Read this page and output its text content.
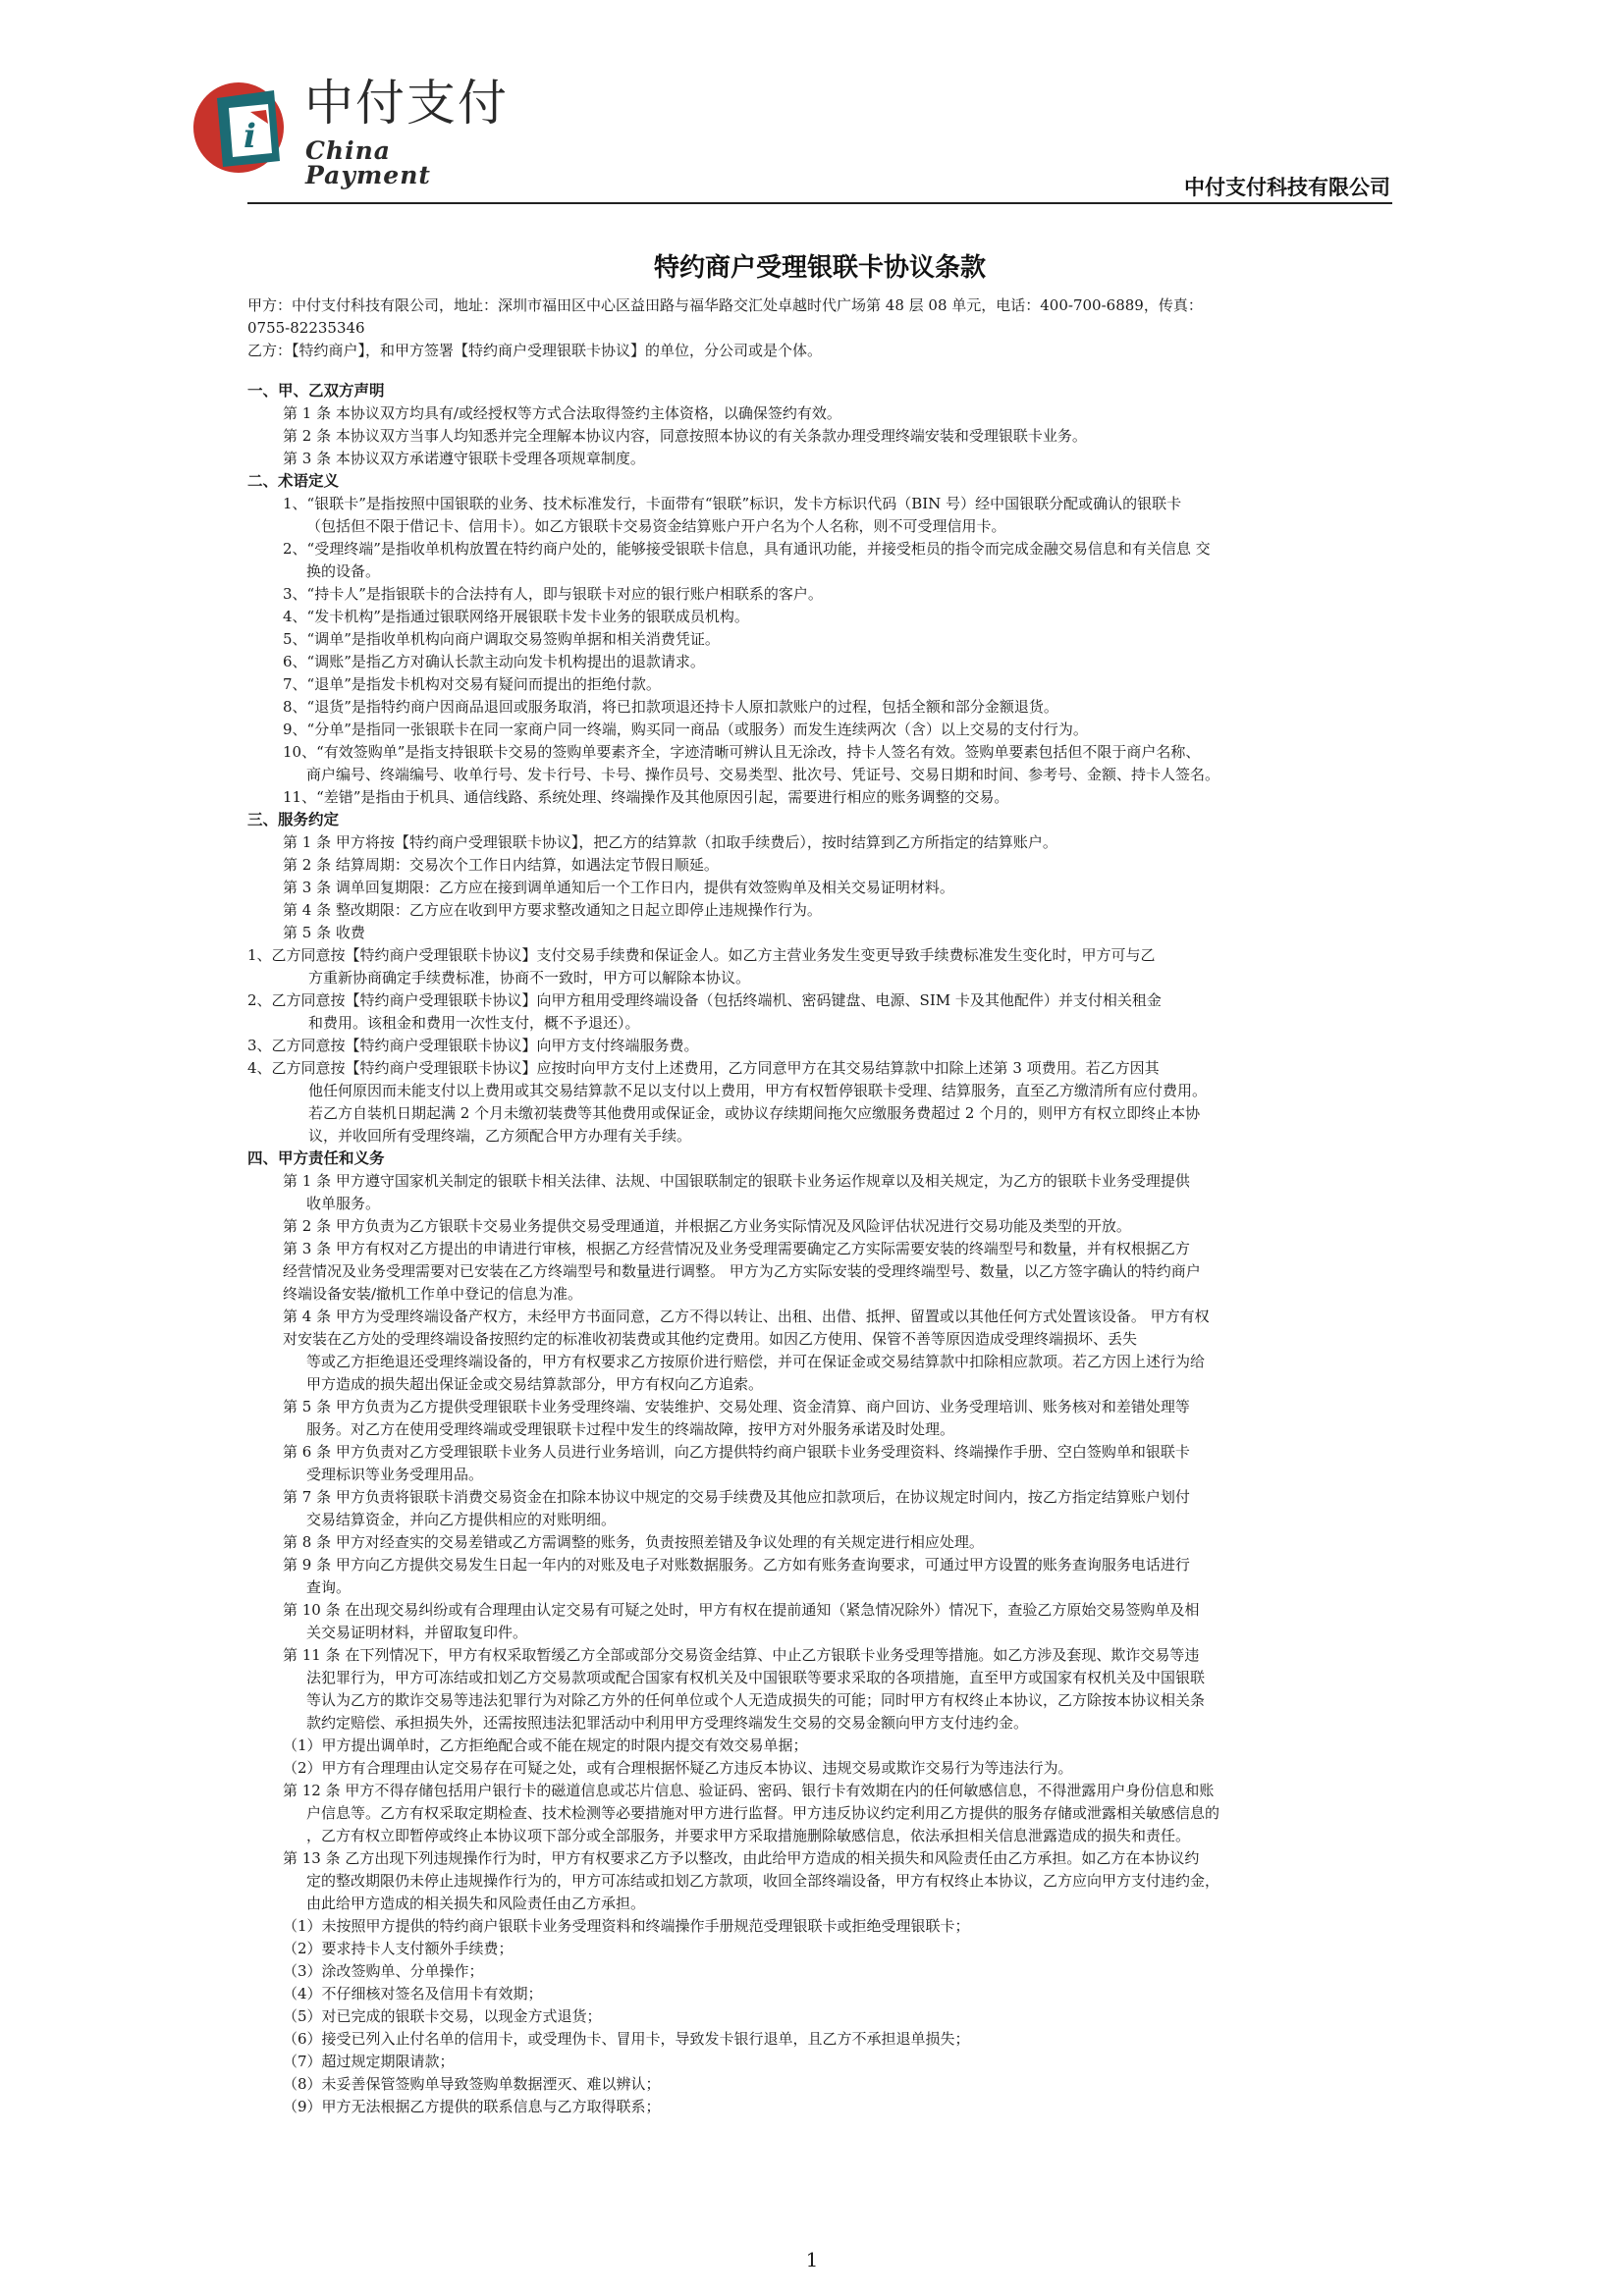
i
中付支付
China Payment	中付支付科技有限公司
特约商户受理银联卡协议条款
甲方：中付支付科技有限公司，地址：深圳市福田区中心区益田路与福华路交汇处卓越时代广场第 48 层 08 单元，电话：400-700-6889，传真：
0755-82235346
乙方：【特约商户】，和甲方签署【特约商户受理银联卡协议】的单位，分公司或是个体。
一、甲、乙双方声明
第 1 条 本协议双方均具有/或经授权等方式合法取得签约主体资格，以确保签约有效。
第 2 条 本协议双方当事人均知悉并完全理解本协议内容，同意按照本协议的有关条款办理受理终端安装和受理银联卡业务。
第 3 条 本协议双方承诺遵守银联卡受理各项规章制度。
二、术语定义
1、“银联卡”是指按照中国银联的业务、技术标准发行，卡面带有“银联”标识，发卡方标识代码（BIN 号）经中国银联分配或确认的银联卡
（包括但不限于借记卡、信用卡）。如乙方银联卡交易资金结算账户开户名为个人名称，则不可受理信用卡。
2、“受理终端”是指收单机构放置在特约商户处的，能够接受银联卡信息，具有通讯功能，并接受柜员的指令而完成金融交易信息和有关信息 交
换的设备。
3、“持卡人”是指银联卡的合法持有人，即与银联卡对应的银行账户相联系的客户。
4、“发卡机构”是指通过银联网络开展银联卡发卡业务的银联成员机构。
5、“调单”是指收单机构向商户调取交易签购单据和相关消费凭证。
6、“调账”是指乙方对确认长款主动向发卡机构提出的退款请求。
7、“退单”是指发卡机构对交易有疑问而提出的拒绝付款。
8、“退货”是指特约商户因商品退回或服务取消，将已扣款项退还持卡人原扣款账户的过程，包括全额和部分金额退货。
9、“分单”是指同一张银联卡在同一家商户同一终端，购买同一商品（或服务）而发生连续两次（含）以上交易的支付行为。
10、“有效签购单”是指支持银联卡交易的签购单要素齐全，字迹清晰可辨认且无涂改，持卡人签名有效。签购单要素包括但不限于商户名称、
商户编号、终端编号、收单行号、发卡行号、卡号、操作员号、交易类型、批次号、凭证号、交易日期和时间、参考号、金额、持卡人签名。
11、“差错”是指由于机具、通信线路、系统处理、终端操作及其他原因引起，需要进行相应的账务调整的交易。
三、服务约定
第 1 条 甲方将按【特约商户受理银联卡协议】，把乙方的结算款（扣取手续费后），按时结算到乙方所指定的结算账户。
第 2 条 结算周期：交易次个工作日内结算，如遇法定节假日顺延。
第 3 条 调单回复期限：乙方应在接到调单通知后一个工作日内，提供有效签购单及相关交易证明材料。
第 4 条 整改期限：乙方应在收到甲方要求整改通知之日起立即停止违规操作行为。
第 5 条 收费
1、乙方同意按【特约商户受理银联卡协议】支付交易手续费和保证金人。如乙方主营业务发生变更导致手续费标准发生变化时，甲方可与乙
方重新协商确定手续费标准，协商不一致时，甲方可以解除本协议。
2、乙方同意按【特约商户受理银联卡协议】向甲方租用受理终端设备（包括终端机、密码键盘、电源、SIM 卡及其他配件）并支付相关租金
和费用。该租金和费用一次性支付，概不予退还）。
3、乙方同意按【特约商户受理银联卡协议】向甲方支付终端服务费。
4、乙方同意按【特约商户受理银联卡协议】应按时向甲方支付上述费用，乙方同意甲方在其交易结算款中扣除上述第 3 项费用。若乙方因其
他任何原因而未能支付以上费用或其交易结算款不足以支付以上费用，甲方有权暂停银联卡受理、结算服务，直至乙方缴清所有应付费用。
若乙方自装机日期起满 2 个月未缴初装费等其他费用或保证金，或协议存续期间拖欠应缴服务费超过 2 个月的，则甲方有权立即终止本协
议，并收回所有受理终端，乙方须配合甲方办理有关手续。
四、甲方责任和义务
第 1 条 甲方遵守国家机关制定的银联卡相关法律、法规、中国银联制定的银联卡业务运作规章以及相关规定，为乙方的银联卡业务受理提供
收单服务。
第 2 条 甲方负责为乙方银联卡交易业务提供交易受理通道，并根据乙方业务实际情况及风险评估状况进行交易功能及类型的开放。
第 3 条 甲方有权对乙方提出的申请进行审核，根据乙方经营情况及业务受理需要确定乙方实际需要安装的终端型号和数量，并有权根据乙方
经营情况及业务受理需要对已安装在乙方终端型号和数量进行调整。 甲方为乙方实际安装的受理终端型号、数量，以乙方签字确认的特约商户
终端设备安装/撤机工作单中登记的信息为准。
第 4 条 甲方为受理终端设备产权方，未经甲方书面同意，乙方不得以转让、出租、出借、抵押、留置或以其他任何方式处置该设备。 甲方有权
对安装在乙方处的受理终端设备按照约定的标准收初装费或其他约定费用。如因乙方使用、保管不善等原因造成受理终端损坏、丢失
等或乙方拒绝退还受理终端设备的，甲方有权要求乙方按原价进行赔偿，并可在保证金或交易结算款中扣除相应款项。若乙方因上述行为给
甲方造成的损失超出保证金或交易结算款部分，甲方有权向乙方追索。
第 5 条 甲方负责为乙方提供受理银联卡业务受理终端、安装维护、交易处理、资金清算、商户回访、业务受理培训、账务核对和差错处理等
服务。对乙方在使用受理终端或受理银联卡过程中发生的终端故障，按甲方对外服务承诺及时处理。
第 6 条 甲方负责对乙方受理银联卡业务人员进行业务培训，向乙方提供特约商户银联卡业务受理资料、终端操作手册、空白签购单和银联卡
受理标识等业务受理用品。
第 7 条 甲方负责将银联卡消费交易资金在扣除本协议中规定的交易手续费及其他应扣款项后，在协议规定时间内，按乙方指定结算账户划付
交易结算资金，并向乙方提供相应的对账明细。
第 8 条 甲方对经查实的交易差错或乙方需调整的账务，负责按照差错及争议处理的有关规定进行相应处理。
第 9 条 甲方向乙方提供交易发生日起一年内的对账及电子对账数据服务。乙方如有账务查询要求，可通过甲方设置的账务查询服务电话进行
查询。
第 10 条 在出现交易纠纷或有合理理由认定交易有可疑之处时，甲方有权在提前通知（紧急情况除外）情况下，查验乙方原始交易签购单及相
关交易证明材料，并留取复印件。
第 11 条 在下列情况下，甲方有权采取暂缓乙方全部或部分交易资金结算、中止乙方银联卡业务受理等措施。如乙方涉及套现、欺诈交易等违
法犯罪行为，甲方可冻结或扣划乙方交易款项或配合国家有权机关及中国银联等要求采取的各项措施，直至甲方或国家有权机关及中国银联
等认为乙方的欺诈交易等违法犯罪行为对除乙方外的任何单位或个人无造成损失的可能；同时甲方有权终止本协议，乙方除按本协议相关条
款约定赔偿、承担损失外，还需按照违法犯罪活动中利用甲方受理终端发生交易的交易金额向甲方支付违约金。
（1）甲方提出调单时，乙方拒绝配合或不能在规定的时限内提交有效交易单据；
（2）甲方有合理理由认定交易存在可疑之处，或有合理根据怀疑乙方违反本协议、违规交易或欺诈交易行为等违法行为。
第 12 条 甲方不得存储包括用户银行卡的磁道信息或芯片信息、验证码、密码、银行卡有效期在内的任何敏感信息，不得泄露用户身份信息和账
户信息等。乙方有权采取定期检查、技术检测等必要措施对甲方进行监督。甲方违反协议约定利用乙方提供的服务存储或泄露相关敏感信息的
，乙方有权立即暂停或终止本协议项下部分或全部服务，并要求甲方采取措施删除敏感信息，依法承担相关信息泄露造成的损失和责任。
第 13 条 乙方出现下列违规操作行为时，甲方有权要求乙方予以整改，由此给甲方造成的相关损失和风险责任由乙方承担。如乙方在本协议约
定的整改期限仍未停止违规操作行为的，甲方可冻结或扣划乙方款项，收回全部终端设备，甲方有权终止本协议，乙方应向甲方支付违约金，
由此给甲方造成的相关损失和风险责任由乙方承担。
（1）未按照甲方提供的特约商户银联卡业务受理资料和终端操作手册规范受理银联卡或拒绝受理银联卡；
（2）要求持卡人支付额外手续费；
（3）涂改签购单、分单操作；
（4）不仔细核对签名及信用卡有效期；
（5）对已完成的银联卡交易，以现金方式退货；
（6）接受已列入止付名单的信用卡，或受理伪卡、冒用卡，导致发卡银行退单，且乙方不承担退单损失；
（7）超过规定期限请款；
（8）未妥善保管签购单导致签购单数据湮灭、难以辨认；
（9）甲方无法根据乙方提供的联系信息与乙方取得联系；
1
